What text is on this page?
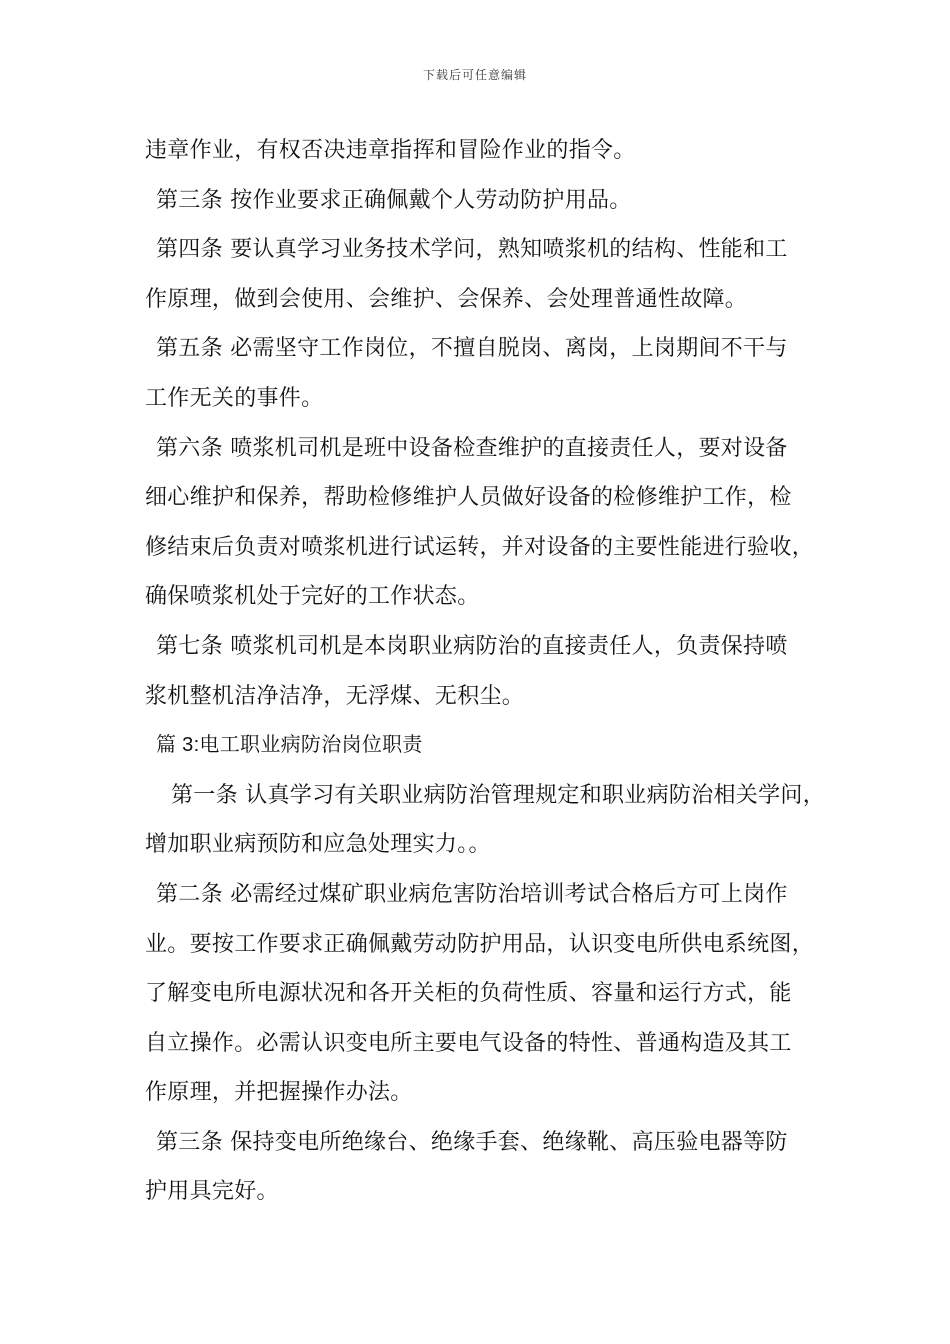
下载后可任意编辑
违章作业，有权否决违章指挥和冒险作业的指令。
第三条 按作业要求正确佩戴个人劳动防护用品。
第四条 要认真学习业务技术学问，熟知喷浆机的结构、性能和工
作原理，做到会使用、会维护、会保养、会处理普通性故障。
第五条 必需坚守工作岗位，不擅自脱岗、离岗，上岗期间不干与
工作无关的事件。
第六条 喷浆机司机是班中设备检查维护的直接责任人，要对设备
细心维护和保养，帮助检修维护人员做好设备的检修维护工作，检
修结束后负责对喷浆机进行试运转，并对设备的主要性能进行验收，
确保喷浆机处于完好的工作状态。
第七条 喷浆机司机是本岗职业病防治的直接责任人，负责保持喷
浆机整机洁净洁净，无浮煤、无积尘。
篇 3:电工职业病防治岗位职责
第一条 认真学习有关职业病防治管理规定和职业病防治相关学问，
增加职业病预防和应急处理实力。。
第二条 必需经过煤矿职业病危害防治培训考试合格后方可上岗作
业。要按工作要求正确佩戴劳动防护用品，认识变电所供电系统图，
了解变电所电源状况和各开关柜的负荷性质、容量和运行方式，能
自立操作。必需认识变电所主要电气设备的特性、普通构造及其工
作原理，并把握操作办法。
第三条 保持变电所绝缘台、绝缘手套、绝缘靴、高压验电器等防
护用具完好。
